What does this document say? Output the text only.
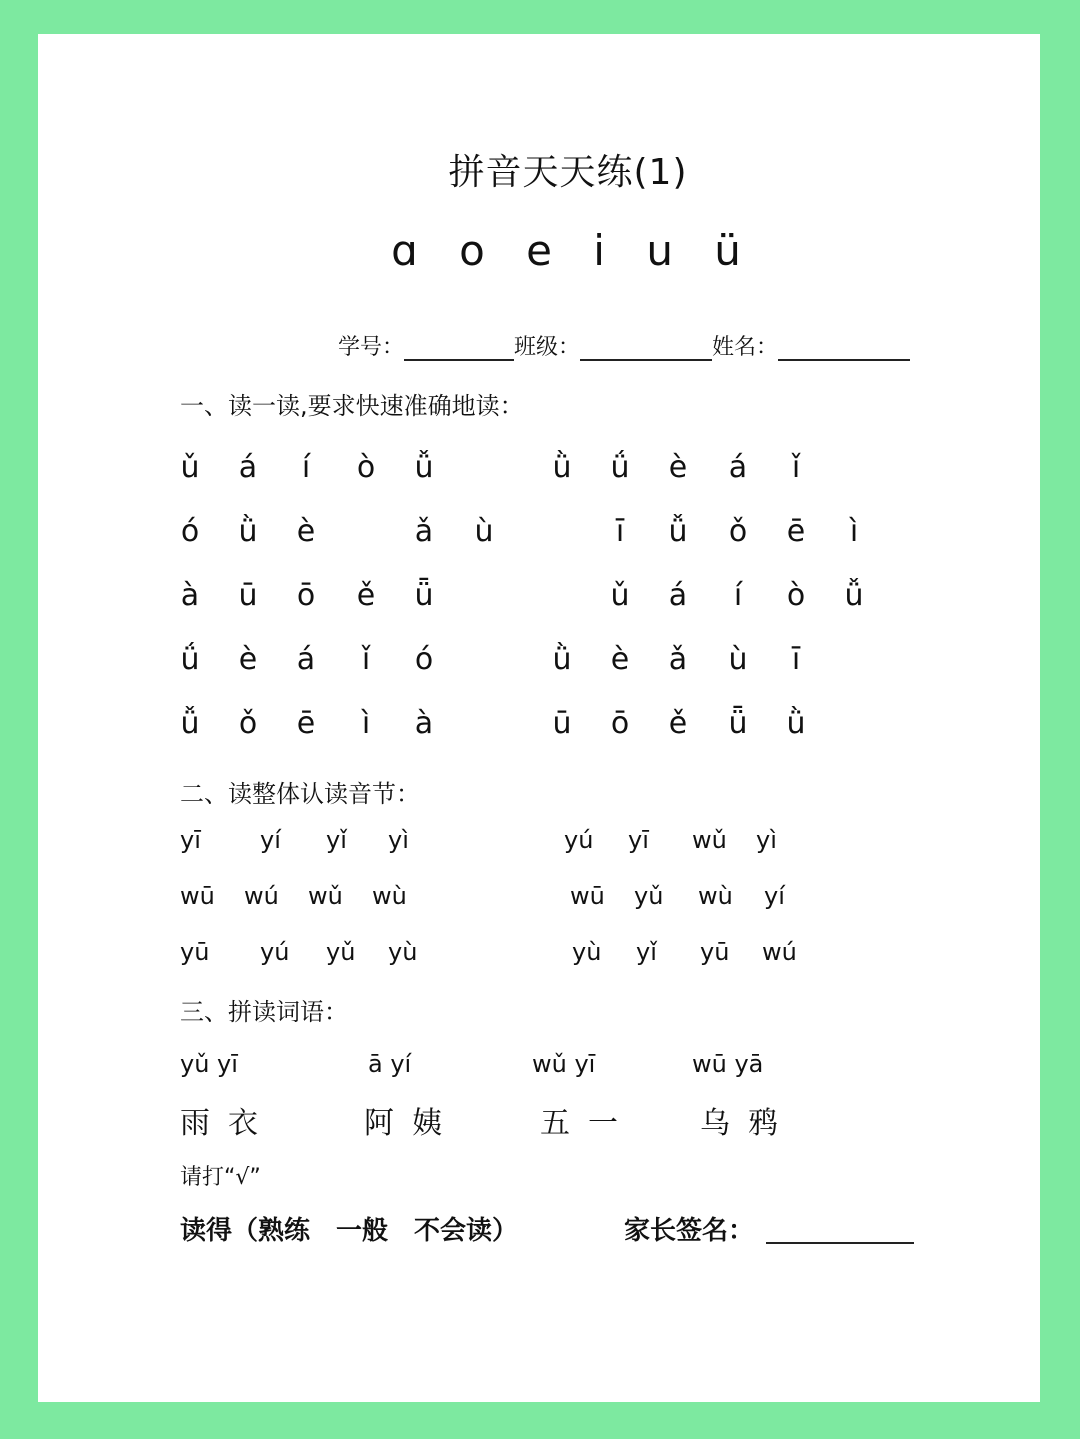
拼音天天练(1)
ɑ o e i u ü
学号：	班级：	姓名：
一、读一读,要求快速准确地读：
ǔ	á	í	ò	ǚ	ǜ	ǘ	è	á	ǐ
ó	ǜ	è	ǎ	ù	ī	ǚ	ǒ	ē	ì
à	ū	ō	ě	ǖ	ǔ	á	í	ò	ǚ
ǘ	è	á	ǐ	ó	ǜ	è	ǎ	ù	ī
ǚ	ǒ	ē	ì	à	ū	ō	ě	ǖ	ǜ
二、读整体认读音节：
yī yí yǐ yì	yú yī wǔ yì
wū wú wǔ wù	wū yǔ wù yí
yū yú yǔ yù	yù yǐ yū wú
三、拼读词语：
yǔ yī	ā yí	wǔ yī	wū yā
雨衣	阿姨	五一 乌鸦
请打“√”
读得（熟练　一般　不会读）	家长签名：
